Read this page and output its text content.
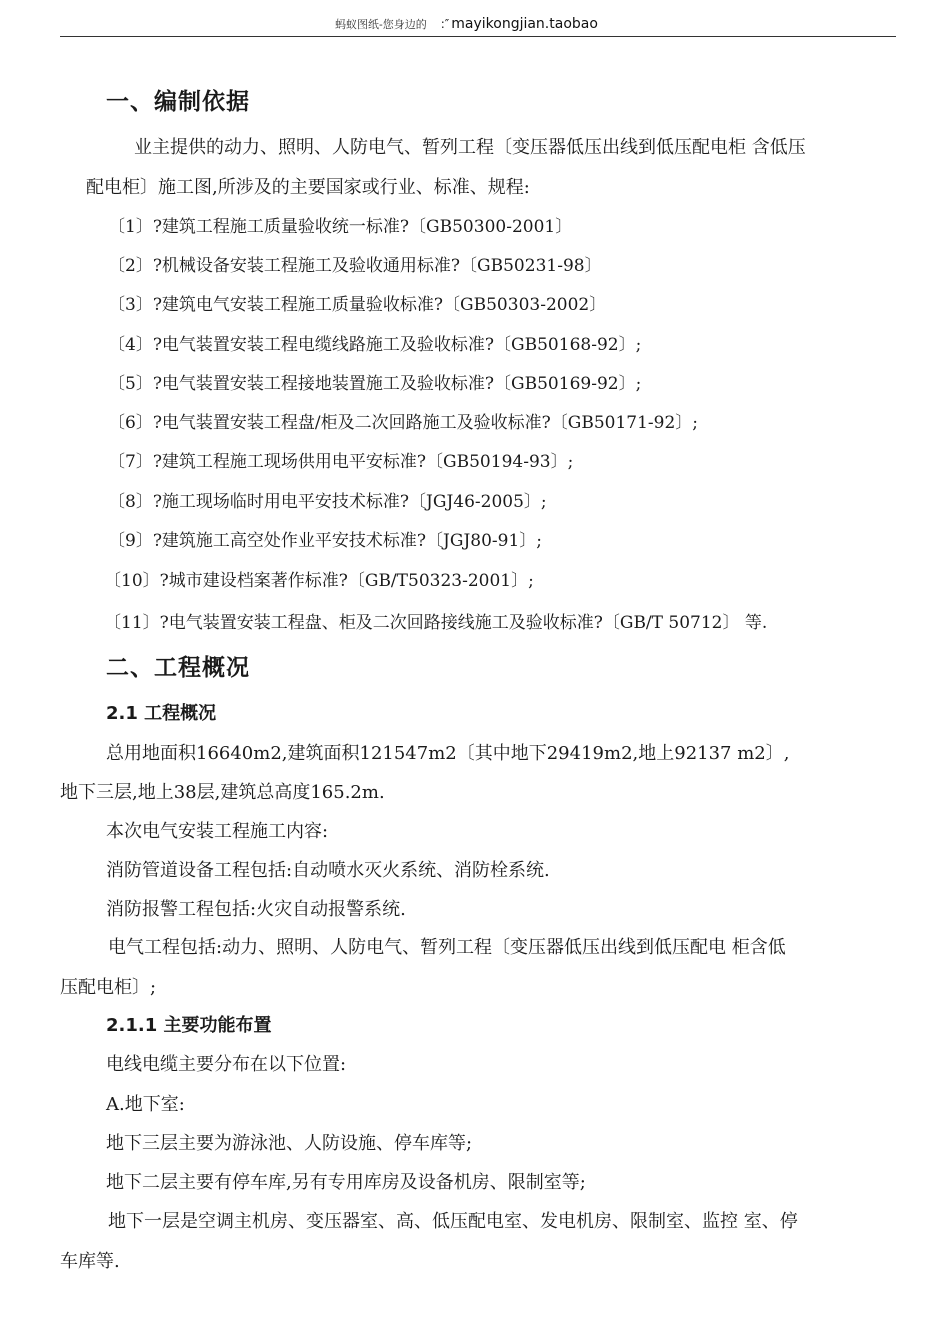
蚂蚁图纸-您身边的 :″ mayikongjian.taobao
一、编制依据
业主提供的动力、照明、人防电气、暂列工程〔变压器低压出线到低压配电柜 含低压
配电柜〕施工图,所涉及的主要国家或行业、标准、规程:
〔1〕?建筑工程施工质量验收统一标准?〔GB50300-2001〕
〔2〕?机械设备安装工程施工及验收通用标准?〔GB50231-98〕
〔3〕?建筑电气安装工程施工质量验收标准?〔GB50303-2002〕
〔4〕?电气装置安装工程电缆线路施工及验收标准?〔GB50168-92〕;
〔5〕?电气装置安装工程接地装置施工及验收标准?〔GB50169-92〕;
〔6〕?电气装置安装工程盘/柜及二次回路施工及验收标准?〔GB50171-92〕;
〔7〕?建筑工程施工现场供用电平安标准?〔GB50194-93〕;
〔8〕?施工现场临时用电平安技术标准?〔JGJ46-2005〕;
〔9〕?建筑施工高空处作业平安技术标准?〔JGJ80-91〕;
〔10〕?城市建设档案著作标准?〔GB/T50323-2001〕;
〔11〕?电气装置安装工程盘、柜及二次回路接线施工及验收标准?〔GB/T 50712〕 等.
二、工程概况
2.1 工程概况
总用地面积16640m2,建筑面积121547m2〔其中地下29419m2,地上92137 m2〕,
地下三层,地上38层,建筑总高度165.2m.
本次电气安装工程施工内容:
消防管道设备工程包括:自动喷水灭火系统、消防栓系统.
消防报警工程包括:火灾自动报警系统.
电气工程包括:动力、照明、人防电气、暂列工程〔变压器低压出线到低压配电 柜含低
压配电柜〕;
2.1.1 主要功能布置
电线电缆主要分布在以下位置:
A.地下室:
地下三层主要为游泳池、人防设施、停车库等;
地下二层主要有停车库,另有专用库房及设备机房、限制室等;
地下一层是空调主机房、变压器室、高、低压配电室、发电机房、限制室、监控 室、停
车库等.
